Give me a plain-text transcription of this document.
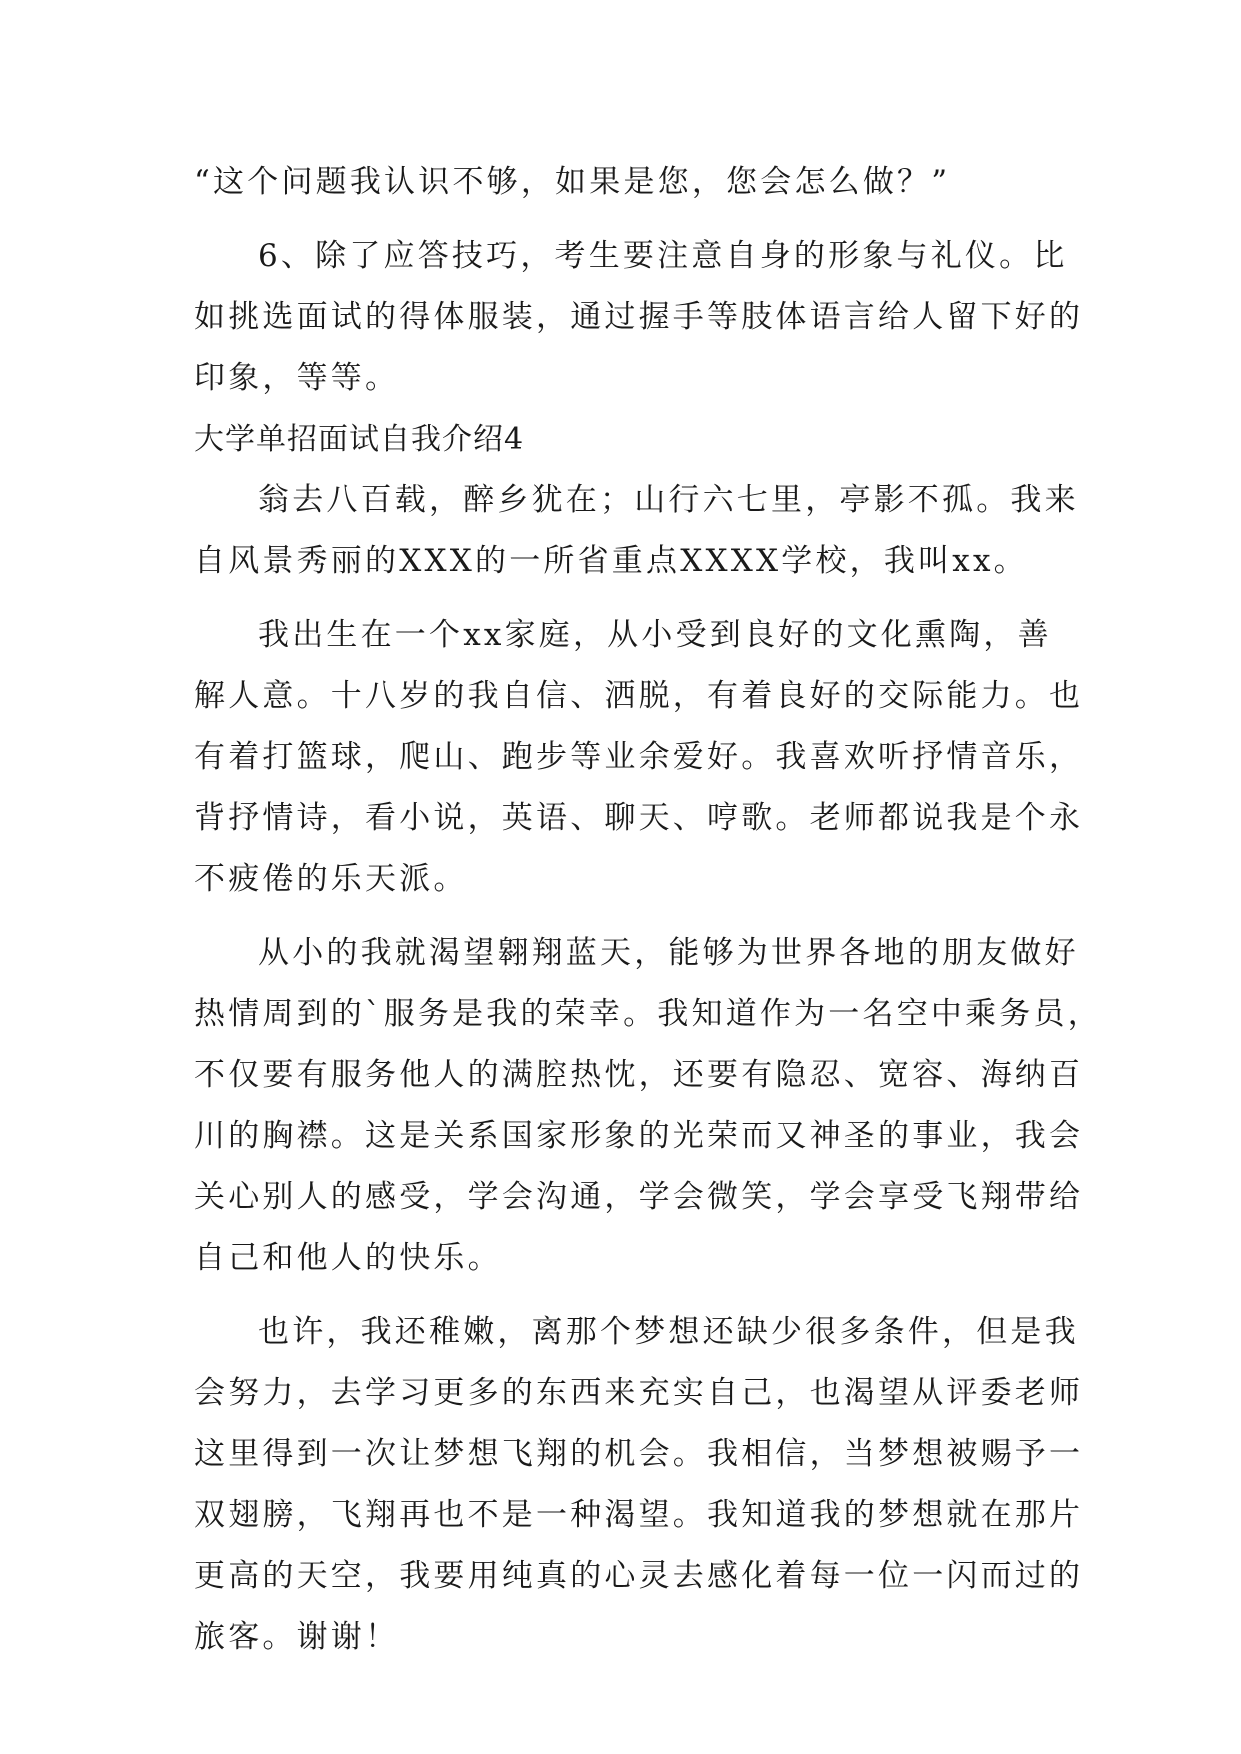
“这个问题我认识不够，如果是您，您会怎么做？”
6、除了应答技巧，考生要注意自身的形象与礼仪。比
如挑选面试的得体服装，通过握手等肢体语言给人留下好的
印象，等等。
大学单招面试自我介绍4
翁去八百载，醉乡犹在；山行六七里，亭影不孤。我来
自风景秀丽的XXX的一所省重点XXXX学校，我叫xx。
我出生在一个xx家庭，从小受到良好的文化熏陶，善
解人意。十八岁的我自信、洒脱，有着良好的交际能力。也
有着打篮球，爬山、跑步等业余爱好。我喜欢听抒情音乐，
背抒情诗，看小说，英语、聊天、哼歌。老师都说我是个永
不疲倦的乐天派。
从小的我就渴望翱翔蓝天，能够为世界各地的朋友做好
热情周到的`服务是我的荣幸。我知道作为一名空中乘务员，
不仅要有服务他人的满腔热忱，还要有隐忍、宽容、海纳百
川的胸襟。这是关系国家形象的光荣而又神圣的事业，我会
关心别人的感受，学会沟通，学会微笑，学会享受飞翔带给
自己和他人的快乐。
也许，我还稚嫩，离那个梦想还缺少很多条件，但是我
会努力，去学习更多的东西来充实自己，也渴望从评委老师
这里得到一次让梦想飞翔的机会。我相信，当梦想被赐予一
双翅膀，飞翔再也不是一种渴望。我知道我的梦想就在那片
更高的天空，我要用纯真的心灵去感化着每一位一闪而过的
旅客。谢谢！
